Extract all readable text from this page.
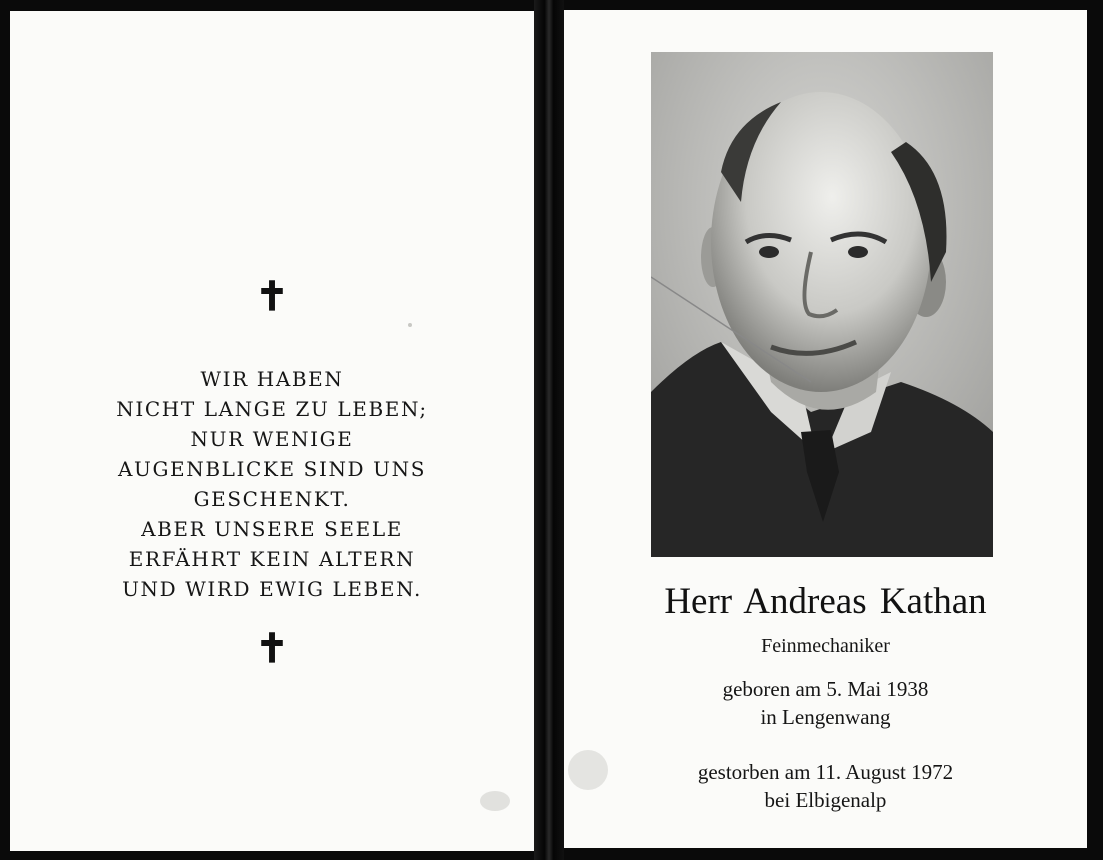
✝
WIR HABEN
NICHT LANGE ZU LEBEN;
NUR WENIGE
AUGENBLICKE SIND UNS
GESCHENKT.
ABER UNSERE SEELE
ERFÄHRT KEIN ALTERN
UND WIRD EWIG LEBEN.
✝
Herr Andreas Kathan
Feinmechaniker
geboren am 5. Mai 1938
in Lengenwang
gestorben am 11. August 1972
bei Elbigenalp
